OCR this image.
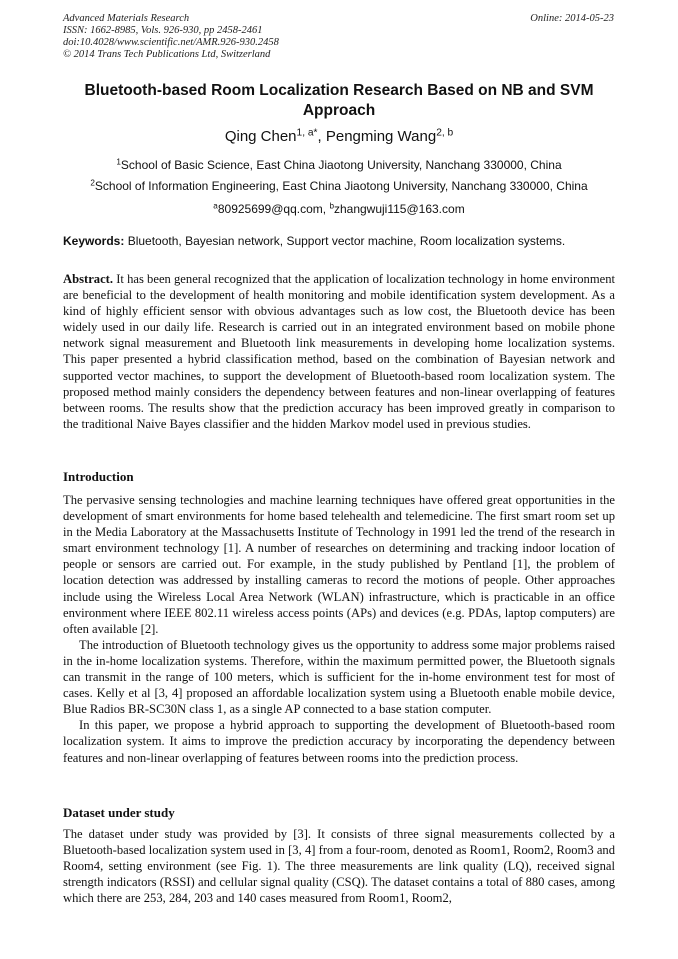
Advanced Materials Research
ISSN: 1662-8985, Vols. 926-930, pp 2458-2461
doi:10.4028/www.scientific.net/AMR.926-930.2458
© 2014 Trans Tech Publications Ltd, Switzerland
Online: 2014-05-23
Bluetooth-based Room Localization Research Based on NB and SVM Approach
Qing Chen$^{1, a*}$, Pengming Wang$^{2, b}$
$^1$School of Basic Science, East China Jiaotong University, Nanchang 330000, China
$^2$School of Information Engineering, East China Jiaotong University, Nanchang 330000, China
$^a$80925699@qq.com, $^b$zhangwuji115@163.com
Keywords: Bluetooth, Bayesian network, Support vector machine, Room localization systems.

Abstract. It has been general recognized that the application of localization technology in home environment are beneficial to the development of health monitoring and mobile identification system development. As a kind of highly efficient sensor with obvious advantages such as low cost, the Bluetooth device has been widely used in our daily life. Research is carried out in an integrated environment based on mobile phone network signal measurement and Bluetooth link measurements in developing home localization systems. This paper presented a hybrid classification method, based on the combination of Bayesian network and supported vector machines, to support the development of Bluetooth-based room localization system. The proposed method mainly considers the dependency between features and non-linear overlapping of features between rooms. The results show that the prediction accuracy has been improved greatly in comparison to the traditional Naive Bayes classifier and the hidden Markov model used in previous studies.

Introduction

The pervasive sensing technologies and machine learning techniques have offered great opportunities in the development of smart environments for home based telehealth and telemedicine. The first smart room set up in the Media Laboratory at the Massachusetts Institute of Technology in 1991 led the trend of the research in smart environment technology [1]. A number of researches on determining and tracking indoor location of people or sensors are carried out. For example, in the study published by Pentland [1], the problem of location detection was addressed by installing cameras to record the motions of people. Other approaches include using the Wireless Local Area Network (WLAN) infrastructure, which is practicable in an office environment where IEEE 802.11 wireless access points (APs) and devices (e.g. PDAs, laptop computers) are often available [2].

The introduction of Bluetooth technology gives us the opportunity to address some major problems raised in the in-home localization systems. Therefore, within the maximum permitted power, the Bluetooth signals can transmit in the range of 100 meters, which is sufficient for the in-home environment test for most of cases. Kelly et al [3, 4] proposed an affordable localization system using a Bluetooth enable mobile device, Blue Radios BR-SC30N class 1, as a single AP connected to a base station computer.

In this paper, we propose a hybrid approach to supporting the development of Bluetooth-based room localization system. It aims to improve the prediction accuracy by incorporating the dependency between features and non-linear overlapping of features between rooms into the prediction process.

Dataset under study

The dataset under study was provided by [3]. It consists of three signal measurements collected by a Bluetooth-based localization system used in [3, 4] from a four-room, denoted as Room1, Room2, Room3 and Room4, setting environment (see Fig. 1). The three measurements are link quality (LQ), received signal strength indicators (RSSI) and cellular signal quality (CSQ). The dataset contains a total of 880 cases, among which there are 253, 284, 203 and 140 cases measured from Room1, Room2,
